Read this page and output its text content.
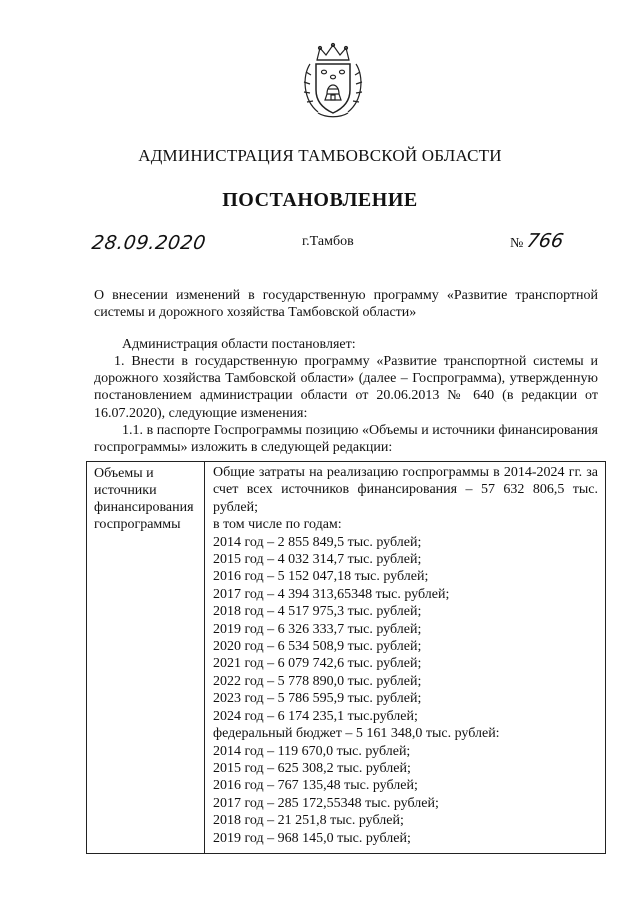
АДМИНИСТРАЦИЯ ТАМБОВСКОЙ ОБЛАСТИ
ПОСТАНОВЛЕНИЕ
28.09.2020	г.Тамбов	№ 766
О внесении изменений в государственную программу «Развитие транспортной системы и дорожного хозяйства Тамбовской области»
Администрация области постановляет:
1. Внести в государственную программу «Развитие транспортной системы и дорожного хозяйства Тамбовской области» (далее – Госпрограмма), утвержденную постановлением администрации области от 20.06.2013 № 640 (в редакции от 16.07.2020), следующие изменения:
1.1. в паспорте Госпрограммы позицию «Объемы и источники финансирования госпрограммы» изложить в следующей редакции:
Объемы и источники финансирования госпрограммы
Общие затраты на реализацию госпрограммы в 2014-2024 гг. за счет всех источников финансирования – 57 632 806,5 тыс. рублей;
в том числе по годам:
2014 год – 2 855 849,5 тыс. рублей;
2015 год – 4 032 314,7 тыс. рублей;
2016 год – 5 152 047,18 тыс. рублей;
2017 год – 4 394 313,65348 тыс. рублей;
2018 год – 4 517 975,3 тыс. рублей;
2019 год – 6 326 333,7 тыс. рублей;
2020 год – 6 534 508,9 тыс. рублей;
2021 год – 6 079 742,6 тыс. рублей;
2022 год – 5 778 890,0 тыс. рублей;
2023 год – 5 786 595,9 тыс. рублей;
2024 год – 6 174 235,1 тыс.рублей;
федеральный бюджет – 5 161 348,0 тыс. рублей:
2014 год – 119 670,0 тыс. рублей;
2015 год – 625 308,2 тыс. рублей;
2016 год – 767 135,48 тыс. рублей;
2017 год – 285 172,55348 тыс. рублей;
2018 год – 21 251,8 тыс. рублей;
2019 год – 968 145,0 тыс. рублей;
